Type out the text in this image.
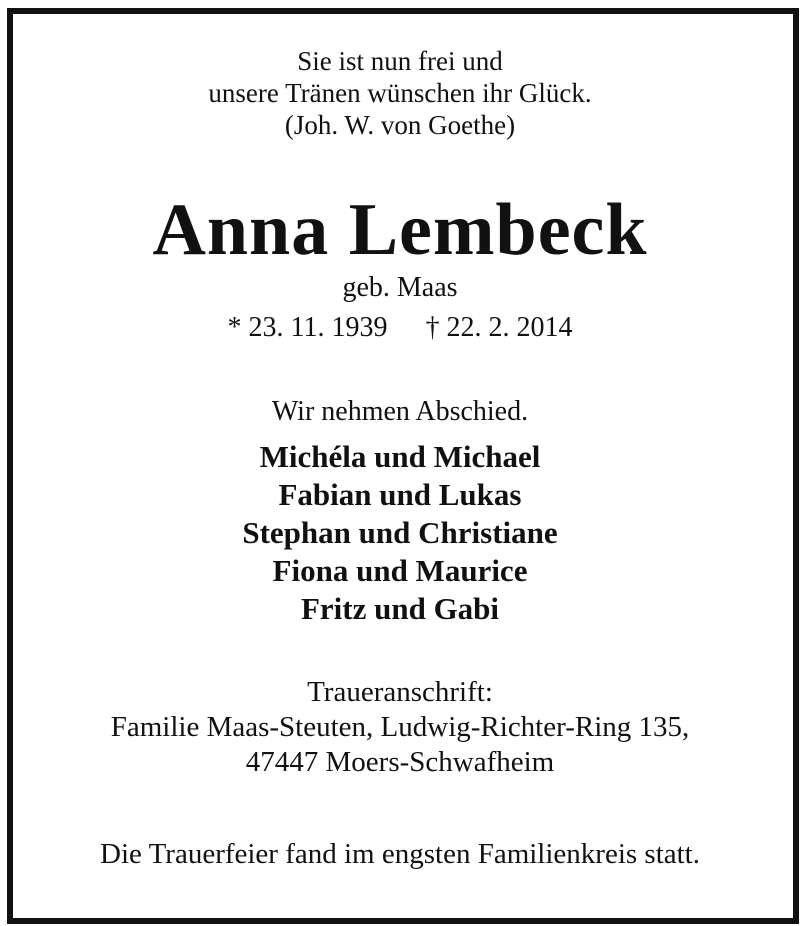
Sie ist nun frei und
unsere Tränen wünschen ihr Glück.
(Joh. W. von Goethe)
Anna Lembeck
geb. Maas
* 23. 11. 1939 † 22. 2. 2014
Wir nehmen Abschied.
Michéla und Michael
Fabian und Lukas
Stephan und Christiane
Fiona und Maurice
Fritz und Gabi
Traueranschrift:
Familie Maas-Steuten, Ludwig-Richter-Ring 135,
47447 Moers-Schwafheim
Die Trauerfeier fand im engsten Familienkreis statt.
